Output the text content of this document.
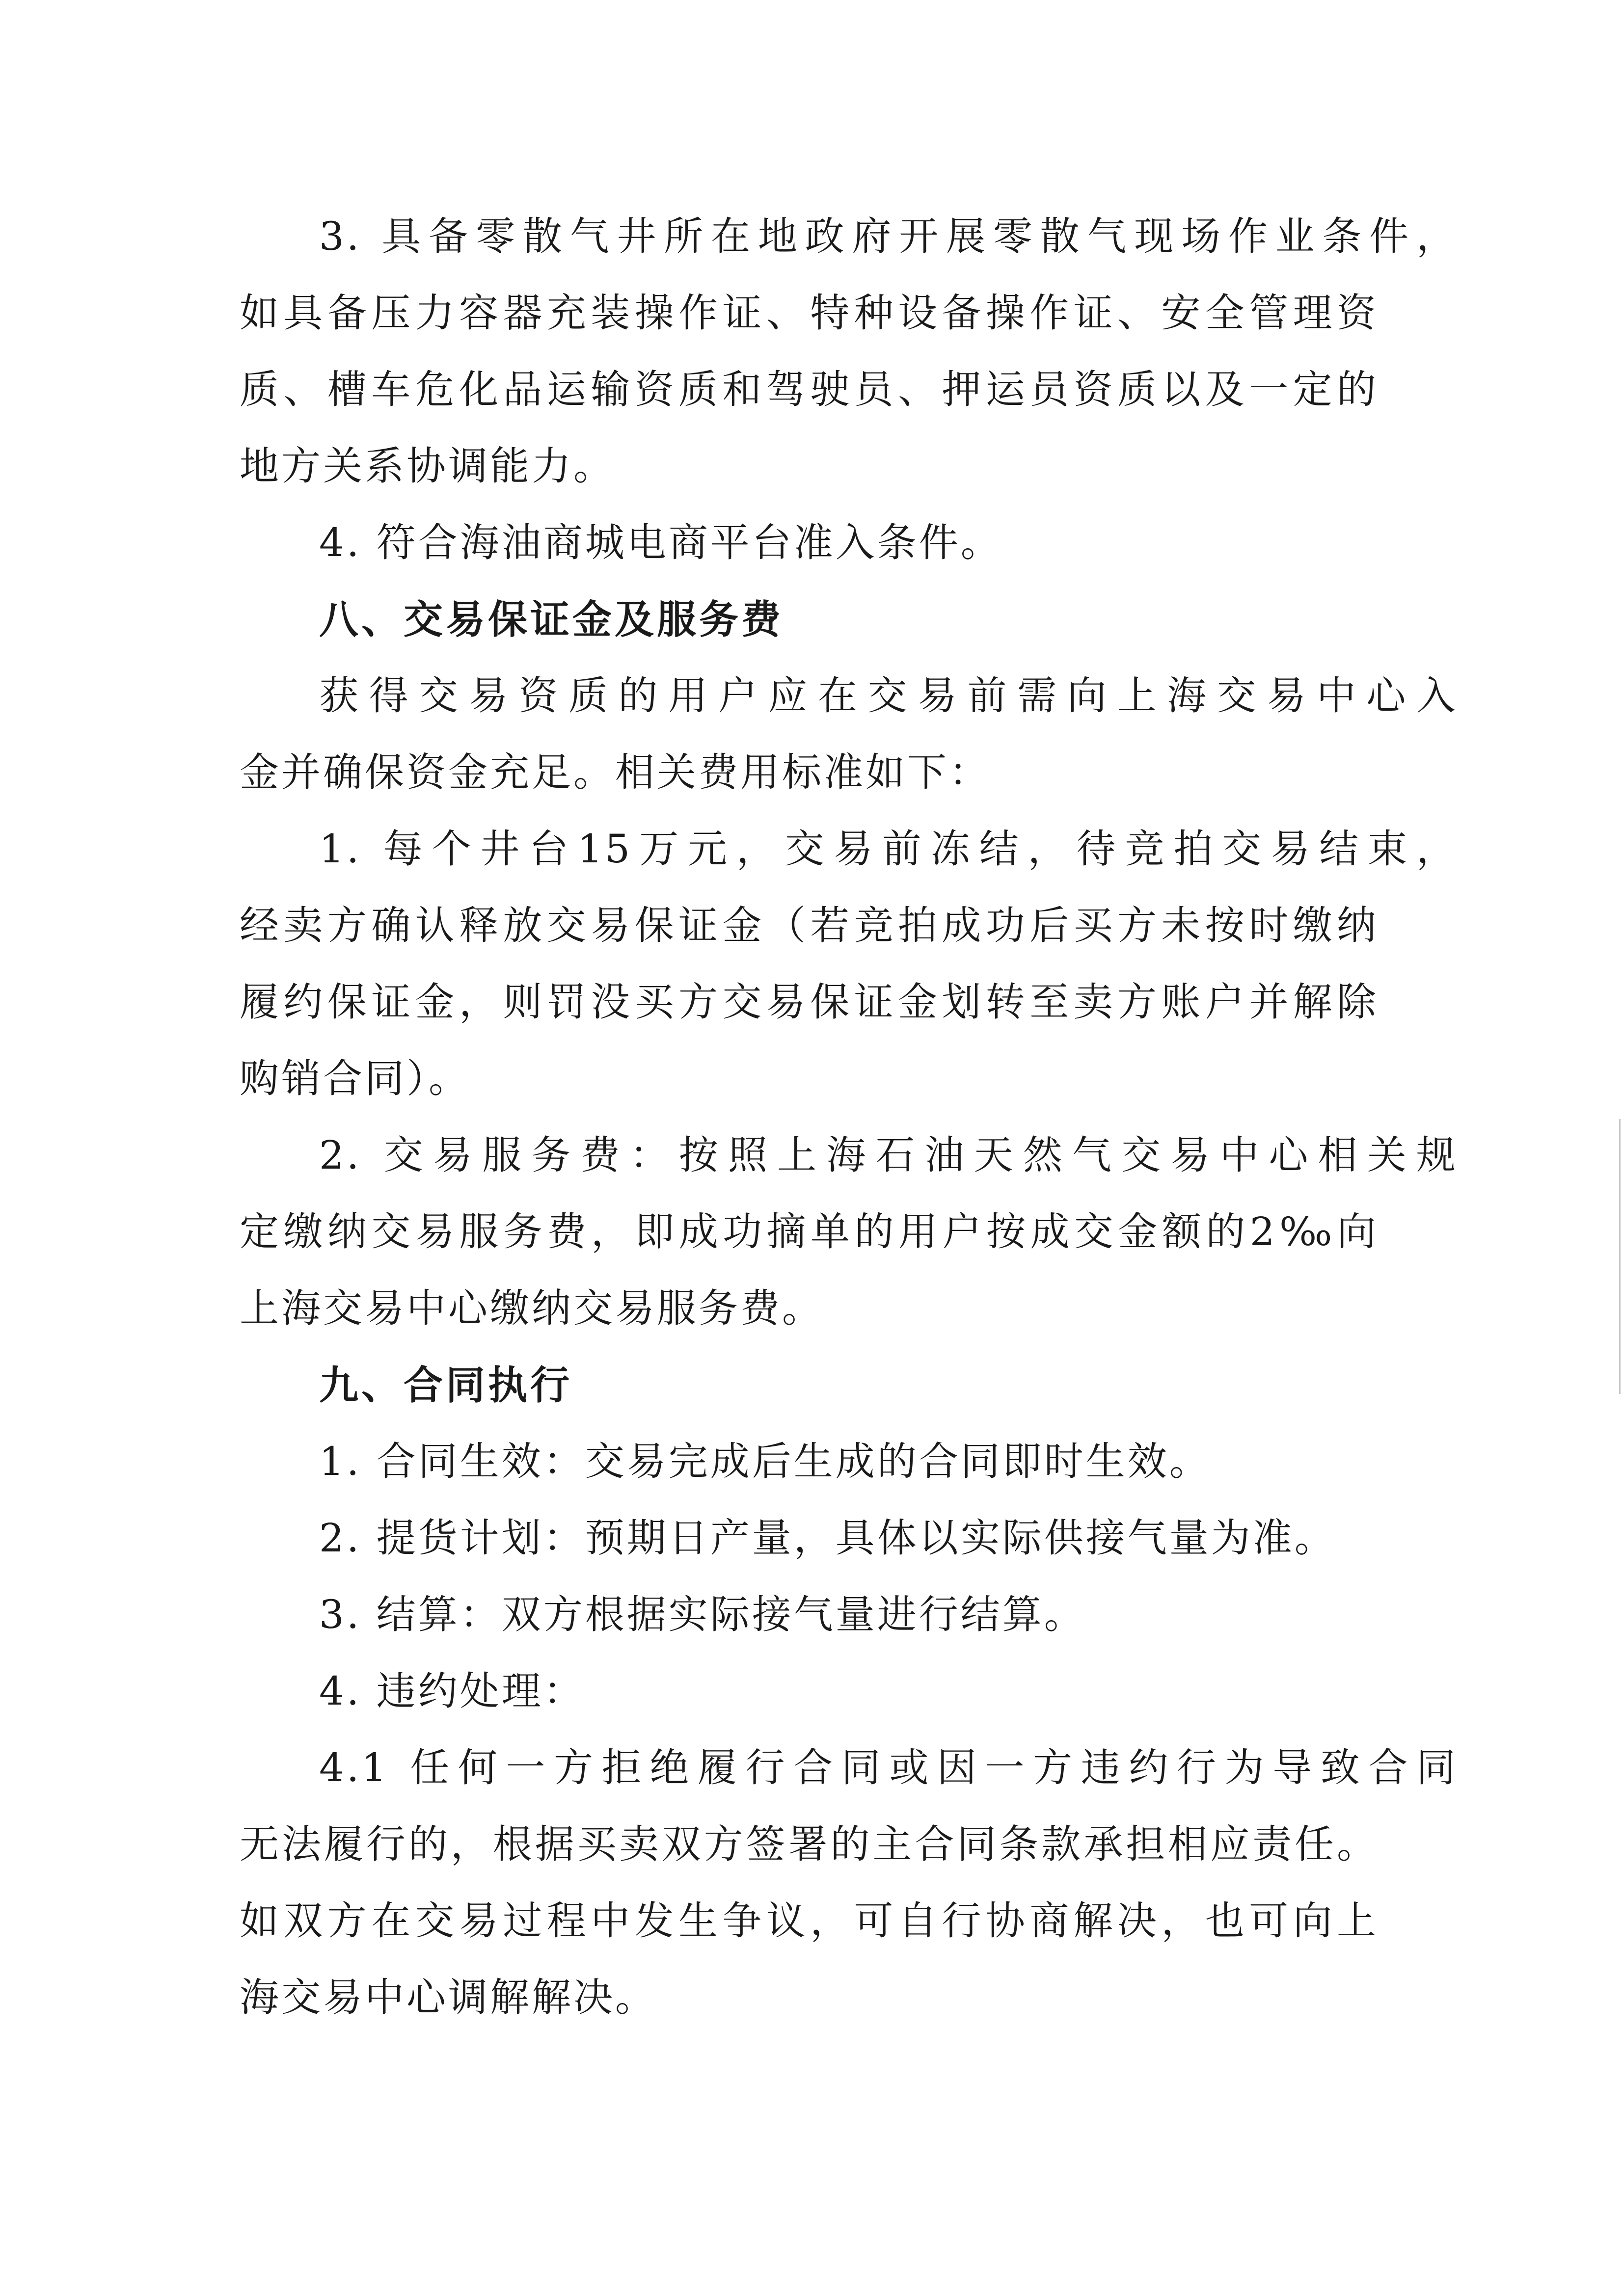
3. 具备零散气井所在地政府开展零散气现场作业条件，
如具备压力容器充装操作证、特种设备操作证、安全管理资
质、槽车危化品运输资质和驾驶员、押运员资质以及一定的
地方关系协调能力。
4. 符合海油商城电商平台准入条件。
八、交易保证金及服务费
获得交易资质的用户应在交易前需向上海交易中心入
金并确保资金充足。相关费用标准如下：
1. 每个井台15万元，交易前冻结，待竞拍交易结束，
经卖方确认释放交易保证金（若竞拍成功后买方未按时缴纳
履约保证金，则罚没买方交易保证金划转至卖方账户并解除
购销合同）。
2. 交易服务费：按照上海石油天然气交易中心相关规
定缴纳交易服务费，即成功摘单的用户按成交金额的2‰向
上海交易中心缴纳交易服务费。
九、合同执行
1. 合同生效：交易完成后生成的合同即时生效。
2. 提货计划：预期日产量，具体以实际供接气量为准。
3. 结算：双方根据实际接气量进行结算。
4. 违约处理：
4.1 任何一方拒绝履行合同或因一方违约行为导致合同
无法履行的，根据买卖双方签署的主合同条款承担相应责任。
如双方在交易过程中发生争议，可自行协商解决，也可向上
海交易中心调解解决。
